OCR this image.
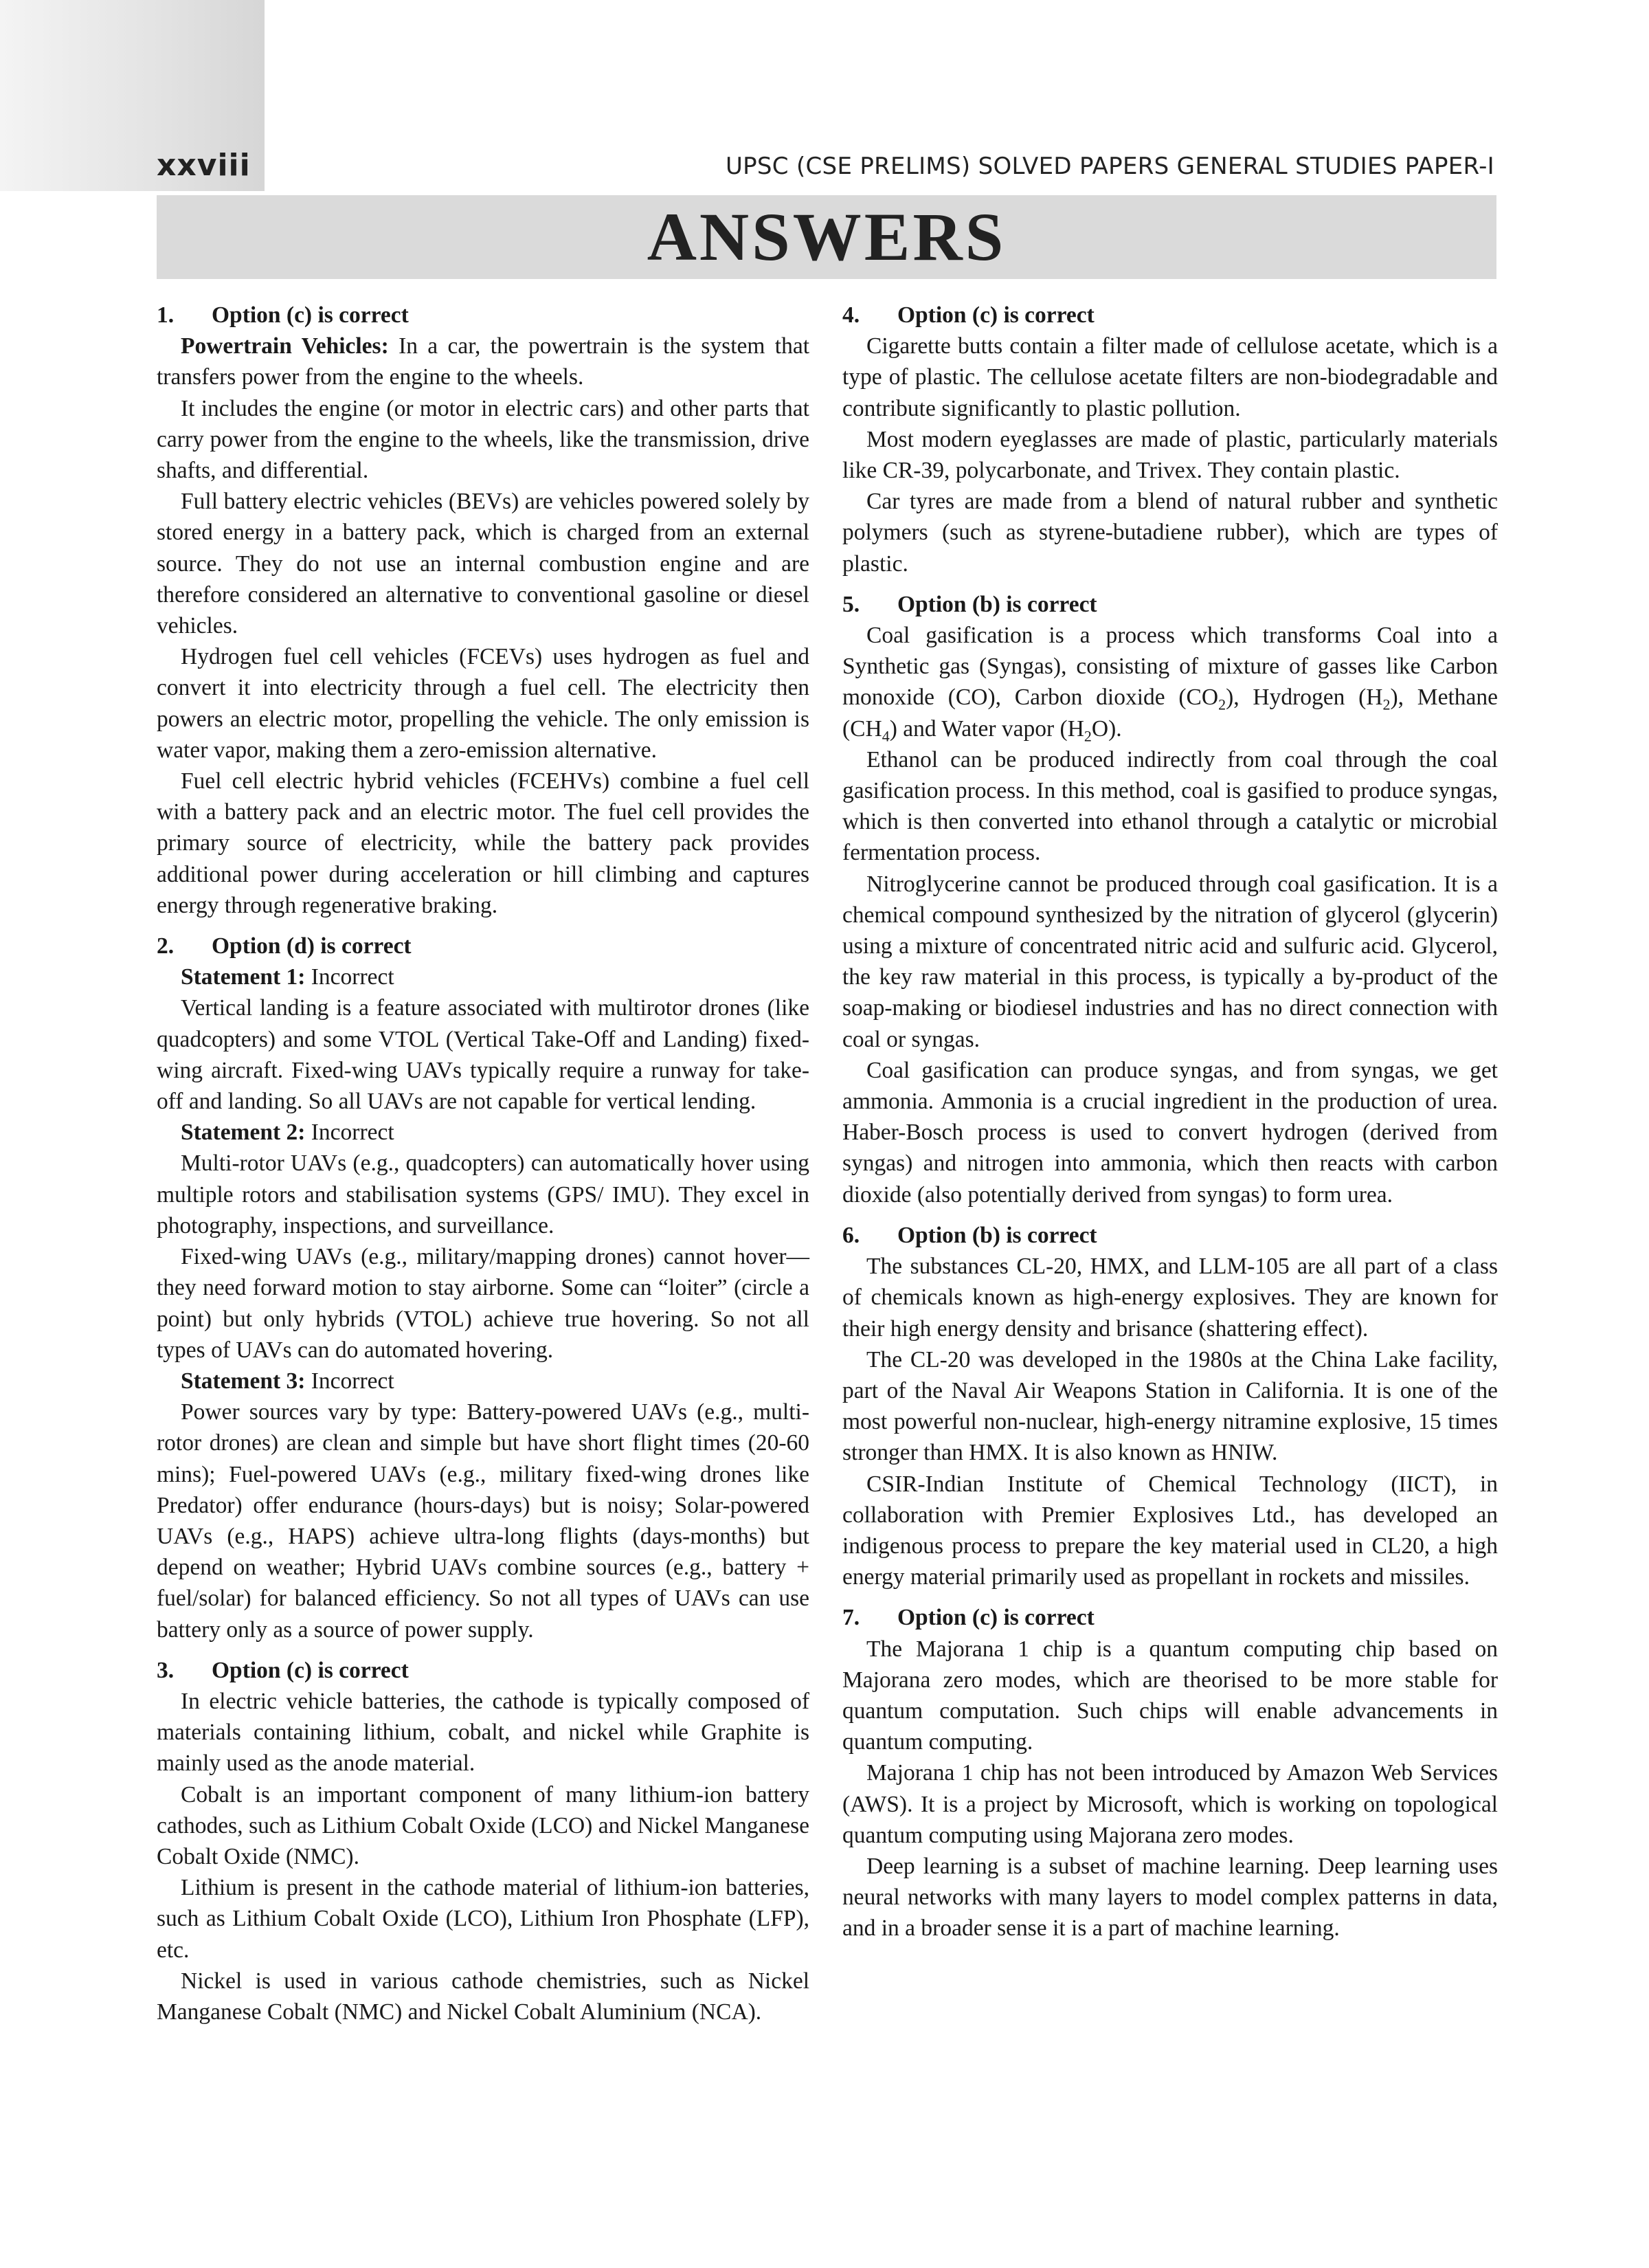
xxviii	UPSC (CSE PRELIMS) SOLVED PAPERS GENERAL STUDIES PAPER-I
ANSWERS
1. Option (c) is correct

Powertrain Vehicles: In a car, the powertrain is the system that transfers power from the engine to the wheels.

It includes the engine (or motor in electric cars) and other parts that carry power from the engine to the wheels, like the transmission, drive shafts, and differential.

Full battery electric vehicles (BEVs) are vehicles powered solely by stored energy in a battery pack, which is charged from an external source. They do not use an internal combustion engine and are therefore considered an alternative to conventional gasoline or diesel vehicles.

Hydrogen fuel cell vehicles (FCEVs) uses hydrogen as fuel and convert it into electricity through a fuel cell. The electricity then powers an electric motor, propelling the vehicle. The only emission is water vapor, making them a zero-emission alternative.

Fuel cell electric hybrid vehicles (FCEHVs) combine a fuel cell with a battery pack and an electric motor. The fuel cell provides the primary source of electricity, while the battery pack provides additional power during acceleration or hill climbing and captures energy through regenerative braking.

2. Option (d) is correct
Statement 1: Incorrect

Vertical landing is a feature associated with multirotor drones (like quadcopters) and some VTOL (Vertical Take-Off and Landing) fixed-wing aircraft. Fixed-wing UAVs typically require a runway for take-off and landing. So all UAVs are not capable for vertical lending.

Statement 2: Incorrect

Multi-rotor UAVs (e.g., quadcopters) can automatically hover using multiple rotors and stabilisation systems (GPS/ IMU). They excel in photography, inspections, and surveillance.

Fixed-wing UAVs (e.g., military/mapping drones) cannot hover—they need forward motion to stay airborne. Some can “loiter” (circle a point) but only hybrids (VTOL) achieve true hovering. So not all types of UAVs can do automated hovering.

Statement 3: Incorrect

Power sources vary by type: Battery-powered UAVs (e.g., multi-rotor drones) are clean and simple but have short flight times (20-60 mins); Fuel-powered UAVs (e.g., military fixed-wing drones like Predator) offer endurance (hours-days) but is noisy; Solar-powered UAVs (e.g., HAPS) achieve ultra-long flights (days-months) but depend on weather; Hybrid UAVs combine sources (e.g., battery + fuel/solar) for balanced efficiency. So not all types of UAVs can use battery only as a source of power supply.

3. Option (c) is correct

In electric vehicle batteries, the cathode is typically composed of materials containing lithium, cobalt, and nickel while Graphite is mainly used as the anode material.

Cobalt is an important component of many lithium-ion battery cathodes, such as Lithium Cobalt Oxide (LCO) and Nickel Manganese Cobalt Oxide (NMC).

Lithium is present in the cathode material of lithium-ion batteries, such as Lithium Cobalt Oxide (LCO), Lithium Iron Phosphate (LFP), etc.

Nickel is used in various cathode chemistries, such as Nickel Manganese Cobalt (NMC) and Nickel Cobalt Aluminium (NCA).

4. Option (c) is correct

Cigarette butts contain a filter made of cellulose acetate, which is a type of plastic. The cellulose acetate filters are non-biodegradable and contribute significantly to plastic pollution.

Most modern eyeglasses are made of plastic, particularly materials like CR-39, polycarbonate, and Trivex. They contain plastic.

Car tyres are made from a blend of natural rubber and synthetic polymers (such as styrene-butadiene rubber), which are types of plastic.

5. Option (b) is correct

Coal gasification is a process which transforms Coal into a Synthetic gas (Syngas), consisting of mixture of gasses like Carbon monoxide (CO), Carbon dioxide $(CO_2)$, Hydrogen $(H_2)$, Methane $(CH_4)$ and Water vapor $(H_2O)$.

Ethanol can be produced indirectly from coal through the coal gasification process. In this method, coal is gasified to produce syngas, which is then converted into ethanol through a catalytic or microbial fermentation process.

Nitroglycerine cannot be produced through coal gasification. It is a chemical compound synthesized by the nitration of glycerol (glycerin) using a mixture of concentrated nitric acid and sulfuric acid. Glycerol, the key raw material in this process, is typically a by-product of the soap-making or biodiesel industries and has no direct connection with coal or syngas.

Coal gasification can produce syngas, and from syngas, we get ammonia. Ammonia is a crucial ingredient in the production of urea. Haber-Bosch process is used to convert hydrogen (derived from syngas) and nitrogen into ammonia, which then reacts with carbon dioxide (also potentially derived from syngas) to form urea.

6. Option (b) is correct

The substances CL-20, HMX, and LLM-105 are all part of a class of chemicals known as high-energy explosives. They are known for their high energy density and brisance (shattering effect).

The CL-20 was developed in the 1980s at the China Lake facility, part of the Naval Air Weapons Station in California. It is one of the most powerful non-nuclear, high-energy nitramine explosive, 15 times stronger than HMX. It is also known as HNIW.

CSIR-Indian Institute of Chemical Technology (IICT), in collaboration with Premier Explosives Ltd., has developed an indigenous process to prepare the key material used in CL20, a high energy material primarily used as propellant in rockets and missiles.

7. Option (c) is correct

The Majorana 1 chip is a quantum computing chip based on Majorana zero modes, which are theorised to be more stable for quantum computation. Such chips will enable advancements in quantum computing.

Majorana 1 chip has not been introduced by Amazon Web Services (AWS). It is a project by Microsoft, which is working on topological quantum computing using Majorana zero modes.

Deep learning is a subset of machine learning. Deep learning uses neural networks with many layers to model complex patterns in data, and in a broader sense it is a part of machine learning.
